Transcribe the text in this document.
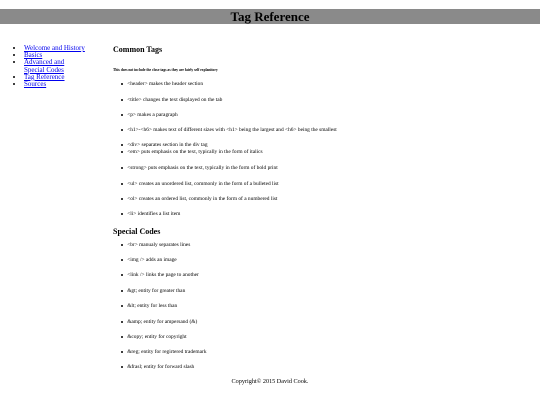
Tag Reference
• Welcome and History
• Basics
• Advanced and Special Codes
• Tag Reference
• Sources
Common Tags
This does not include the close tags as they are fairly self explanitory
<header> makes the header section
<title> changes the text displayed on the tab
<p> makes a paragraph
<h1>-<h6> makes text of different sizes with <h1> being the largest and <h6> being the smallest
<div> separates section in the div tag
<em> puts emphasis on the text, typically in the form of italics
<strong> puts emphasis on the text, typically in the form of bold print
<ul> creates an unordered list, commonly in the form of a bulleted list
<ol> creates an ordered list, commonly in the form of a numbered list
<li> identifies a list item
Special Codes
<br> manualy separates lines
<img /> adds an image
<link /> links the page to another
&gt; entity for greater than
&lt; entity for less than
&amp; entity for ampersand (&)
&copy; entity for copyright
&reg; entity for regirtered trademark
&frasl; entity for forward slash
Copyright© 2015 David Cook.
